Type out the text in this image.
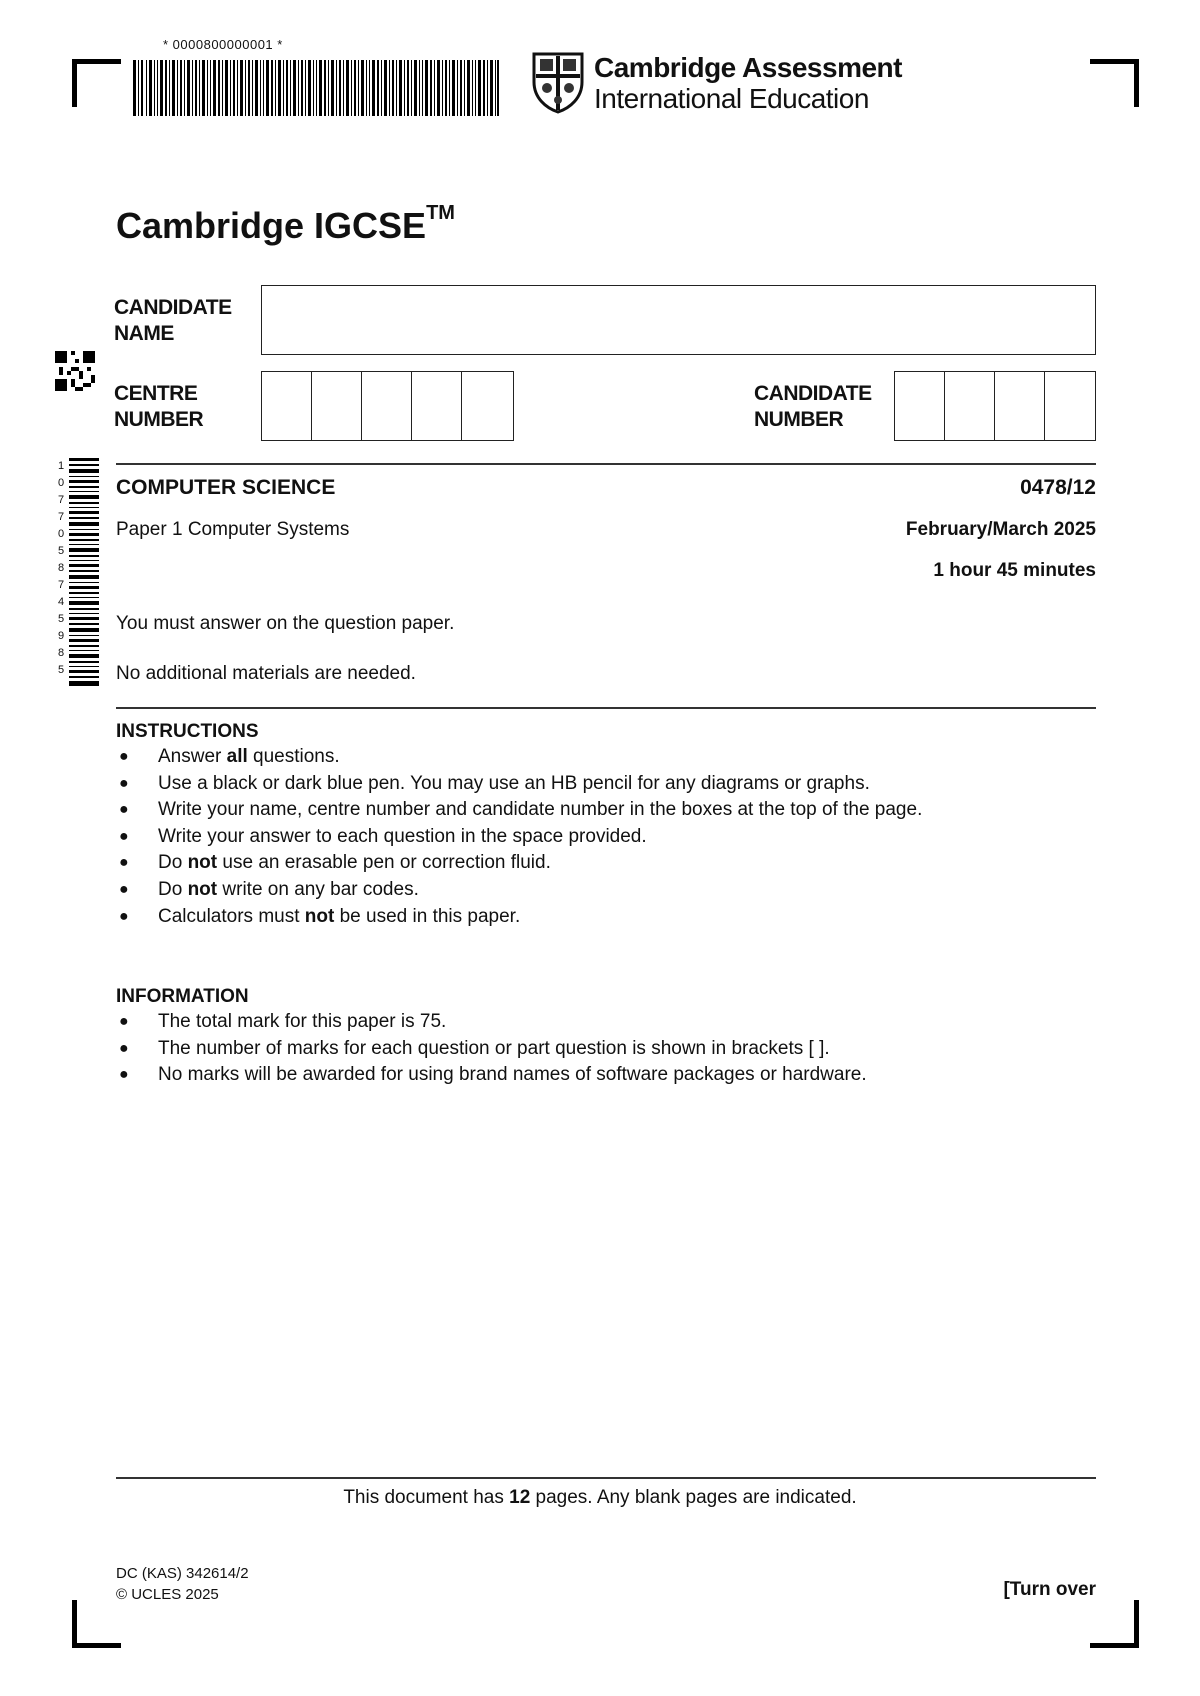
* 0000800000001 *
Cambridge Assessment
International Education
1077058745985
Cambridge IGCSE™
CANDIDATE
NAME
CENTRE
NUMBER
CANDIDATE
NUMBER
COMPUTER SCIENCE	0478/12
Paper 1 Computer Systems	February/March 2025
1 hour 45 minutes
You must answer on the question paper.
No additional materials are needed.
INSTRUCTIONS
● Answer all questions.
● Use a black or dark blue pen. You may use an HB pencil for any diagrams or graphs.
● Write your name, centre number and candidate number in the boxes at the top of the page.
● Write your answer to each question in the space provided.
● Do not use an erasable pen or correction fluid.
● Do not write on any bar codes.
● Calculators must not be used in this paper.
INFORMATION
● The total mark for this paper is 75.
● The number of marks for each question or part question is shown in brackets [ ].
● No marks will be awarded for using brand names of software packages or hardware.
This document has 12 pages. Any blank pages are indicated.
DC (KAS) 342614/2
© UCLES 2025	[Turn over
